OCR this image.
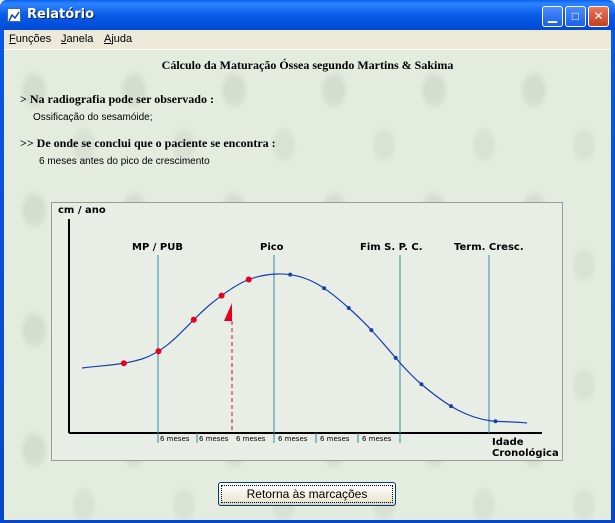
Relatório	▁	□	✕
Funções Janela Ajuda
Cálculo da Maturação Óssea segundo Martins & Sakima
> Na radiografia pode ser observado :
Ossificação do sesamóide;
>> De onde se conclui que o paciente se encontra :
6 meses antes do pico de crescimento
cm / ano
Idade
Cronológica
MP / PUB	Pico	Fim S. P. C.	Term. Cresc.
6 meses 6 meses 6 meses 6 meses 6 meses 6 meses
Retorna às marcações
